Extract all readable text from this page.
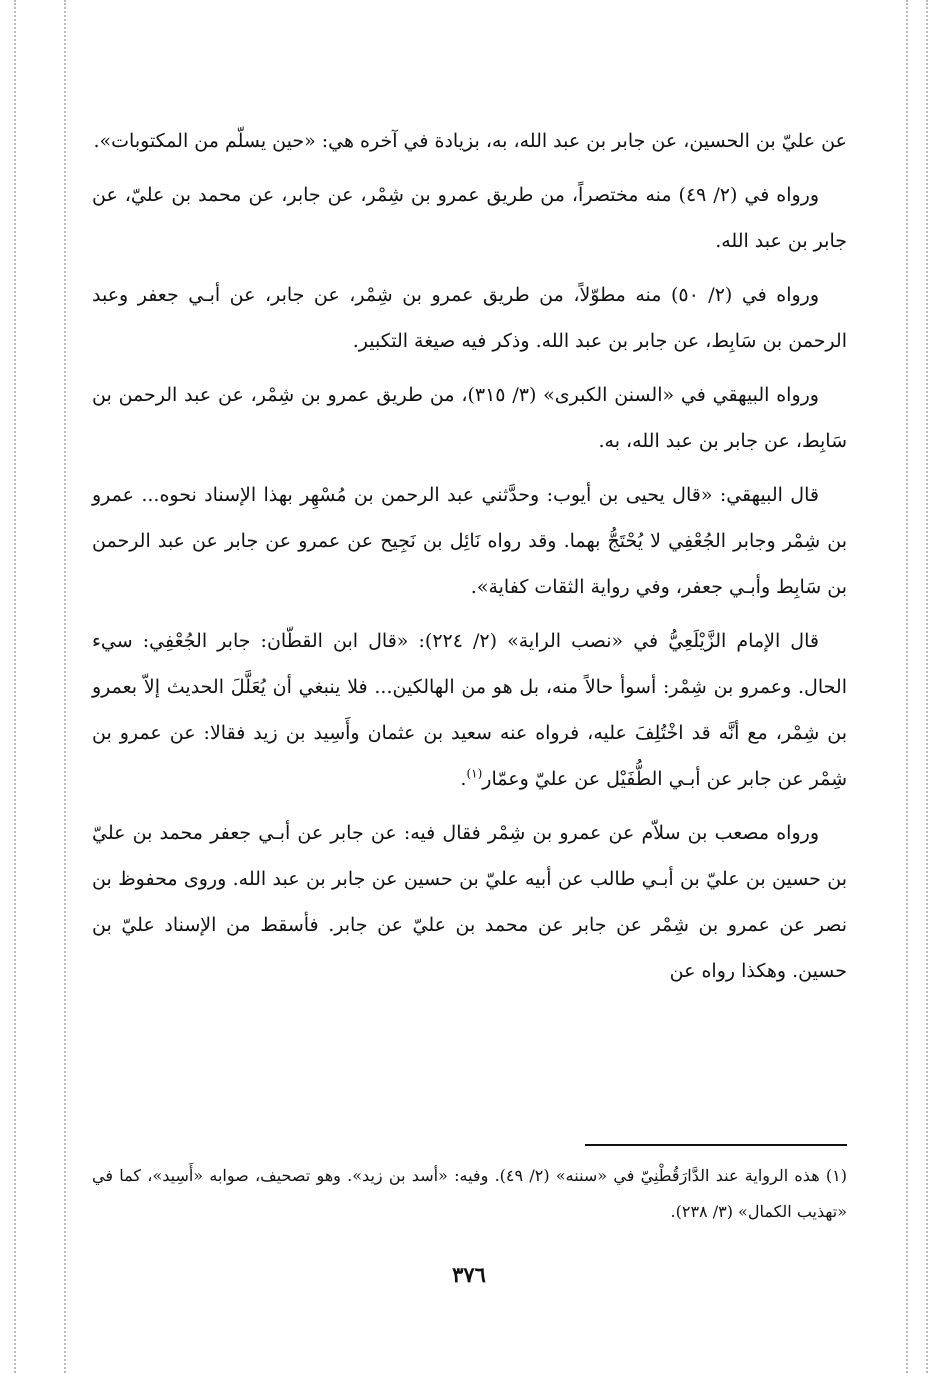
عن عليّ بن الحسين، عن جابر بن عبد الله، به، بزيادة في آخره هي: «حين يسلّم من المكتوبات».

ورواه في (٢/ ٤٩) منه مختصراً، من طريق عمرو بن شِمْر، عن جابر، عن محمد بن عليّ، عن جابر بن عبد الله.

ورواه في (٢/ ٥٠) منه مطوّلاً، من طريق عمرو بن شِمْر، عن جابر، عن أبـي جعفر وعبد الرحمن بن سَابِط، عن جابر بن عبد الله. وذكر فيه صيغة التكبير.

ورواه البيهقي في «السنن الكبرى» (٣/ ٣١٥)، من طريق عمرو بن شِمْر، عن عبد الرحمن بن سَابِط، عن جابر بن عبد الله، به.

قال البيهقي: «قال يحيى بن أيوب: وحدَّثني عبد الرحمن بن مُسْهِر بهذا الإسناد نحوه... عمرو بن شِمْر وجابر الجُعْفِي لا يُحْتَجُّ بهما. وقد رواه نَائِل بن نَجِيح عن عمرو عن جابر عن عبد الرحمن بن سَابِط وأبـي جعفر، وفي رواية الثقات كفاية».

قال الإمام الزَّيْلَعِيُّ في «نصب الراية» (٢/ ٢٢٤): «قال ابن القطّان: جابر الجُعْفِي: سيء الحال. وعمرو بن شِمْر: أسوأ حالاً منه، بل هو من الهالكين... فلا ينبغي أن يُعَلَّلَ الحديث إلاّ بعمرو بن شِمْر، مع أنَّه قد اخْتُلِفَ عليه، فرواه عنه سعيد بن عثمان وأَسِيد بن زيد فقالا: عن عمرو بن شِمْر عن جابر عن أبـي الطُّفَيْل عن عليّ وعمّار$^{(١)}$.

ورواه مصعب بن سلاّم عن عمرو بن شِمْر فقال فيه: عن جابر عن أبـي جعفر محمد بن عليّ بن حسين بن عليّ بن أبـي طالب عن أبيه عليّ بن حسين عن جابر بن عبد الله. وروى محفوظ بن نصر عن عمرو بن شِمْر عن جابر عن محمد بن عليّ عن جابر. فأسقط من الإسناد عليّ بن حسين. وهكذا رواه عن

(١) هذه الرواية عند الدَّارَقُطْنِيّ في «سننه» (٢/ ٤٩). وفيه: «أسد بن زيد». وهو تصحيف، صوابه «أَسِيد»، كما في «تهذيب الكمال» (٣/ ٢٣٨).

٣٧٦
